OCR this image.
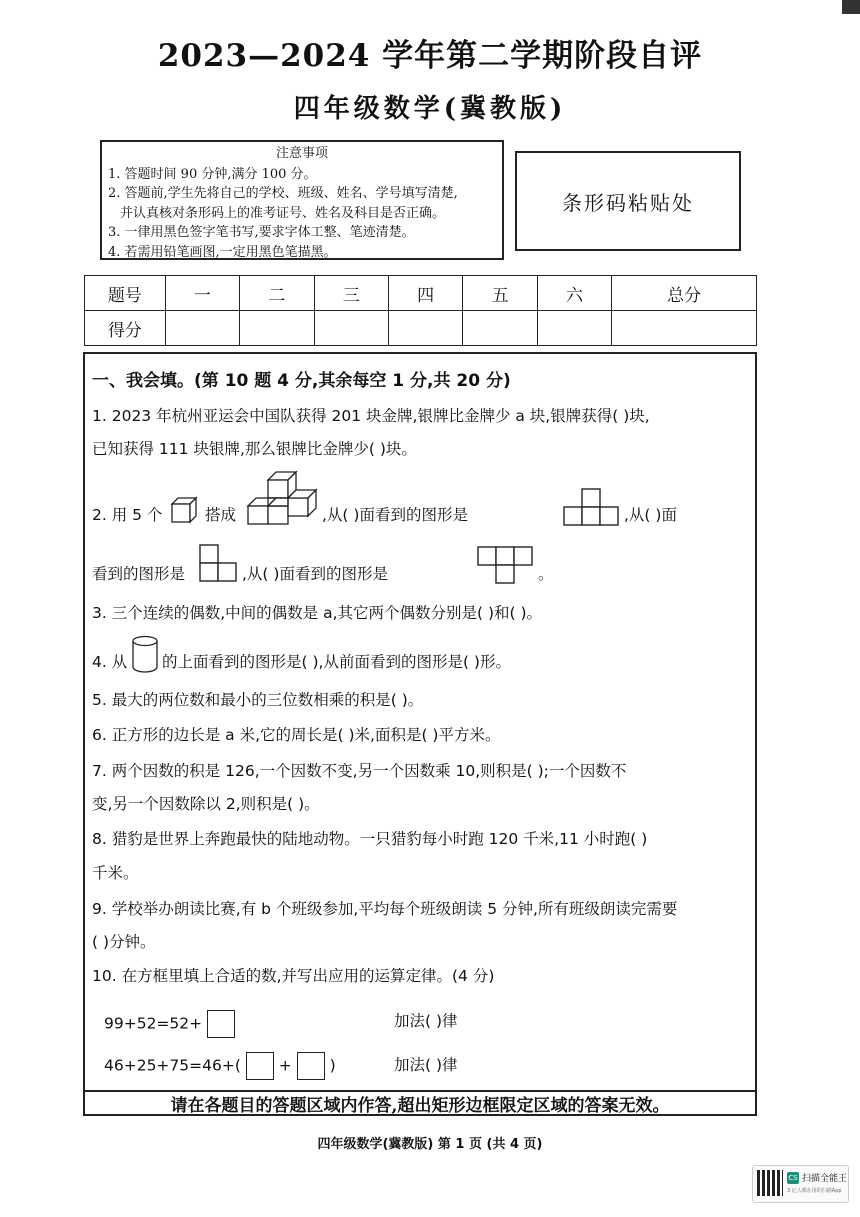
2023—2024 学年第二学期阶段自评
四年级数学(冀教版)
注意事项
1. 答题时间 90 分钟,满分 100 分。
2. 答题前,学生先将自己的学校、班级、姓名、学号填写清楚,
并认真核对条形码上的准考证号、姓名及科目是否正确。
3. 一律用黑色签字笔书写,要求字体工整、笔迹清楚。
4. 若需用铅笔画图,一定用黑色笔描黑。
条形码粘贴处
题号	一	二	三	四	五	六	总分
得分							
一、我会填。(第 10 题 4 分,其余每空 1 分,共 20 分)
1. 2023 年杭州亚运会中国队获得 201 块金牌,银牌比金牌少 a 块,银牌获得( )块,
已知获得 111 块银牌,那么银牌比金牌少( )块。
2. 用 5 个	搭成	,从( )面看到的图形是	,从( )面
看到的图形是	,从( )面看到的图形是	。
3. 三个连续的偶数,中间的偶数是 a,其它两个偶数分别是( )和( )。
4. 从 的上面看到的图形是( ),从前面看到的图形是( )形。
5. 最大的两位数和最小的三位数相乘的积是( )。
6. 正方形的边长是 a 米,它的周长是( )米,面积是( )平方米。
7. 两个因数的积是 126,一个因数不变,另一个因数乘 10,则积是( );一个因数不
变,另一个因数除以 2,则积是( )。
8. 猎豹是世界上奔跑最快的陆地动物。一只猎豹每小时跑 120 千米,11 小时跑( )
千米。
9. 学校举办朗读比赛,有 b 个班级参加,平均每个班级朗读 5 分钟,所有班级朗读完需要
( )分钟。
10. 在方框里填上合适的数,并写出应用的运算定律。(4 分)
99+52=52+	加法( )律
46+25+75=46+( + )	加法( )律
请在各题目的答题区域内作答,超出矩形边框限定区域的答案无效。
四年级数学(冀教版) 第 1 页 (共 4 页)
CS 扫描全能王
3 亿人都在用的扫描App
